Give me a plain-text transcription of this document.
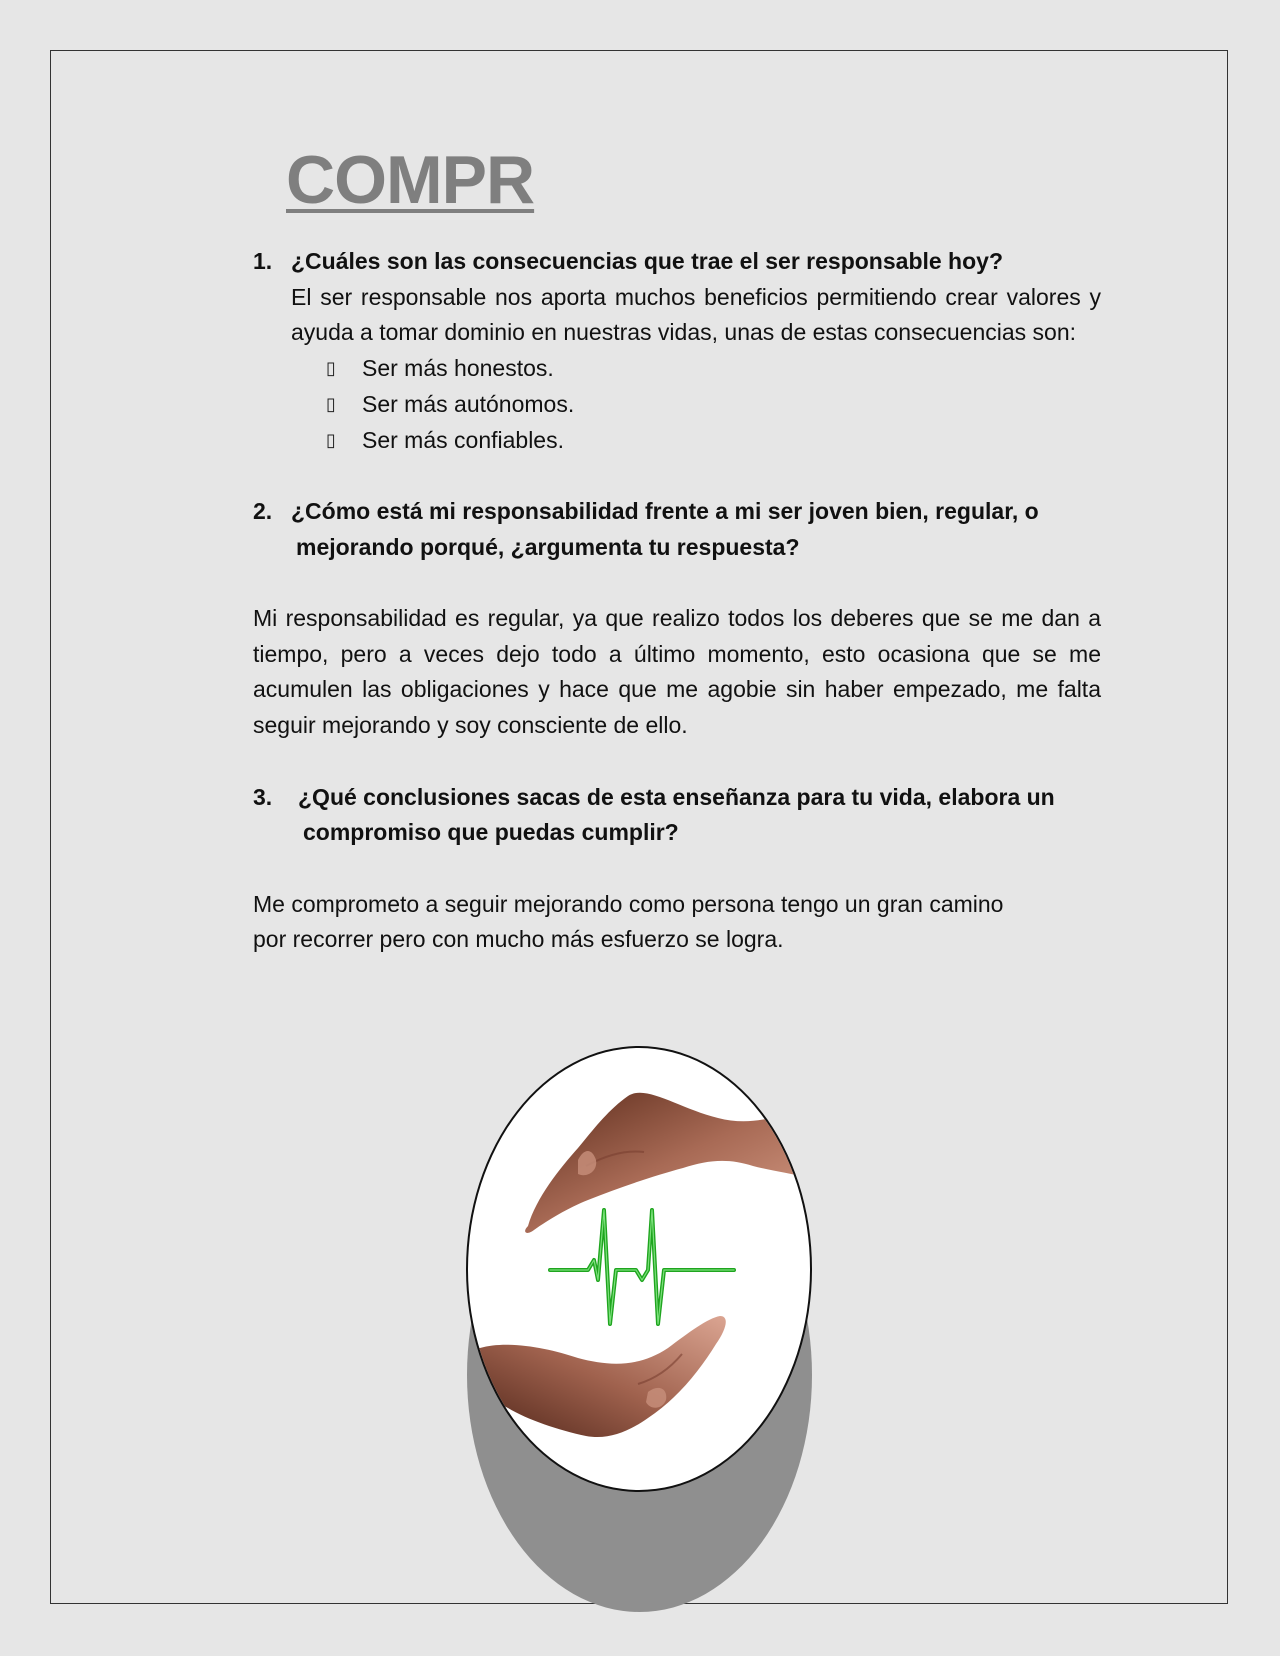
COMPR
1. ¿Cuáles son las consecuencias que trae el ser responsable hoy?
El ser responsable nos aporta muchos beneficios permitiendo crear valores y ayuda a tomar dominio en nuestras vidas, unas de estas consecuencias son:
▯	Ser más honestos.
▯	Ser más autónomos.
▯	Ser más confiables.
2. ¿Cómo está mi responsabilidad frente a mi ser joven bien, regular, o
mejorando porqué, ¿argumenta tu respuesta?
Mi responsabilidad es regular, ya que realizo todos los deberes que se me dan a tiempo, pero a veces dejo todo a último momento, esto ocasiona que se me acumulen las obligaciones y hace que me agobie sin haber empezado, me falta seguir mejorando y soy consciente de ello.
3.	¿Qué conclusiones sacas de esta enseñanza para tu vida, elabora un
compromiso que puedas cumplir?
Me comprometo a seguir mejorando como persona tengo un gran camino
por recorrer pero con mucho más esfuerzo se logra.
